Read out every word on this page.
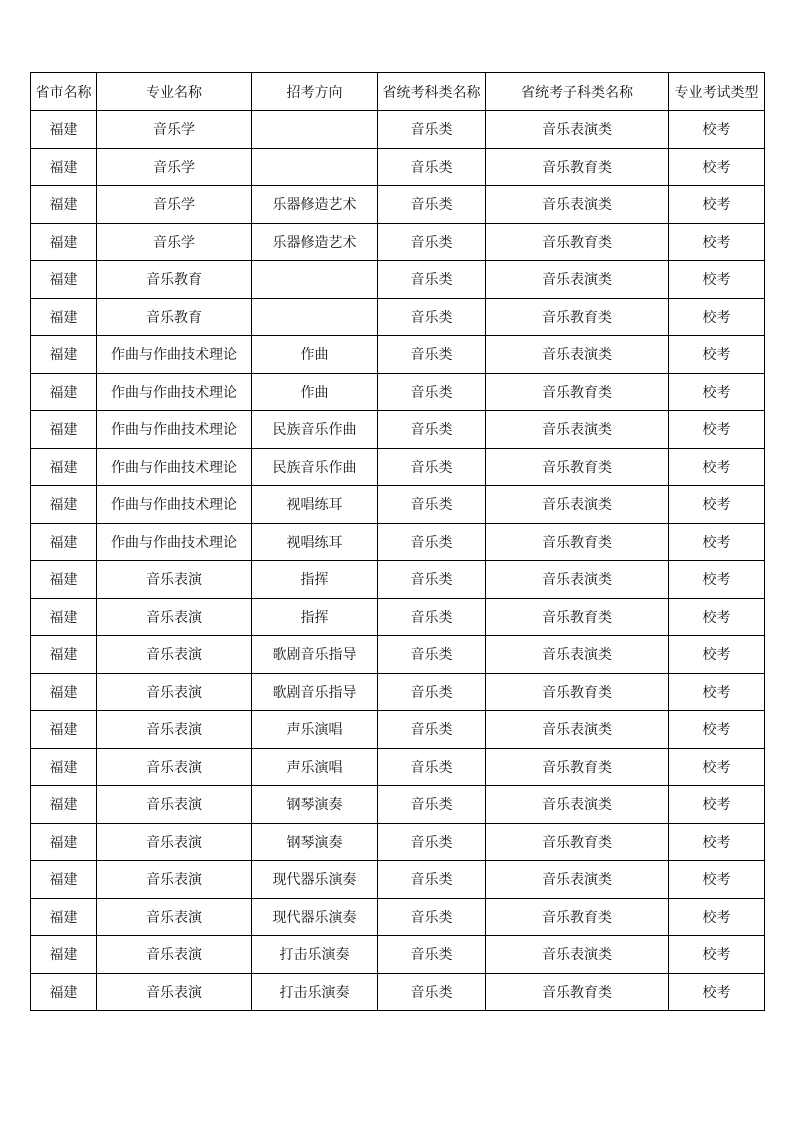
省市名称	专业名称	招考方向	省统考科类名称	省统考子科类名称	专业考试类型
福建	音乐学		音乐类	音乐表演类	校考
福建	音乐学		音乐类	音乐教育类	校考
福建	音乐学	乐器修造艺术	音乐类	音乐表演类	校考
福建	音乐学	乐器修造艺术	音乐类	音乐教育类	校考
福建	音乐教育		音乐类	音乐表演类	校考
福建	音乐教育		音乐类	音乐教育类	校考
福建	作曲与作曲技术理论	作曲	音乐类	音乐表演类	校考
福建	作曲与作曲技术理论	作曲	音乐类	音乐教育类	校考
福建	作曲与作曲技术理论	民族音乐作曲	音乐类	音乐表演类	校考
福建	作曲与作曲技术理论	民族音乐作曲	音乐类	音乐教育类	校考
福建	作曲与作曲技术理论	视唱练耳	音乐类	音乐表演类	校考
福建	作曲与作曲技术理论	视唱练耳	音乐类	音乐教育类	校考
福建	音乐表演	指挥	音乐类	音乐表演类	校考
福建	音乐表演	指挥	音乐类	音乐教育类	校考
福建	音乐表演	歌剧音乐指导	音乐类	音乐表演类	校考
福建	音乐表演	歌剧音乐指导	音乐类	音乐教育类	校考
福建	音乐表演	声乐演唱	音乐类	音乐表演类	校考
福建	音乐表演	声乐演唱	音乐类	音乐教育类	校考
福建	音乐表演	钢琴演奏	音乐类	音乐表演类	校考
福建	音乐表演	钢琴演奏	音乐类	音乐教育类	校考
福建	音乐表演	现代器乐演奏	音乐类	音乐表演类	校考
福建	音乐表演	现代器乐演奏	音乐类	音乐教育类	校考
福建	音乐表演	打击乐演奏	音乐类	音乐表演类	校考
福建	音乐表演	打击乐演奏	音乐类	音乐教育类	校考
